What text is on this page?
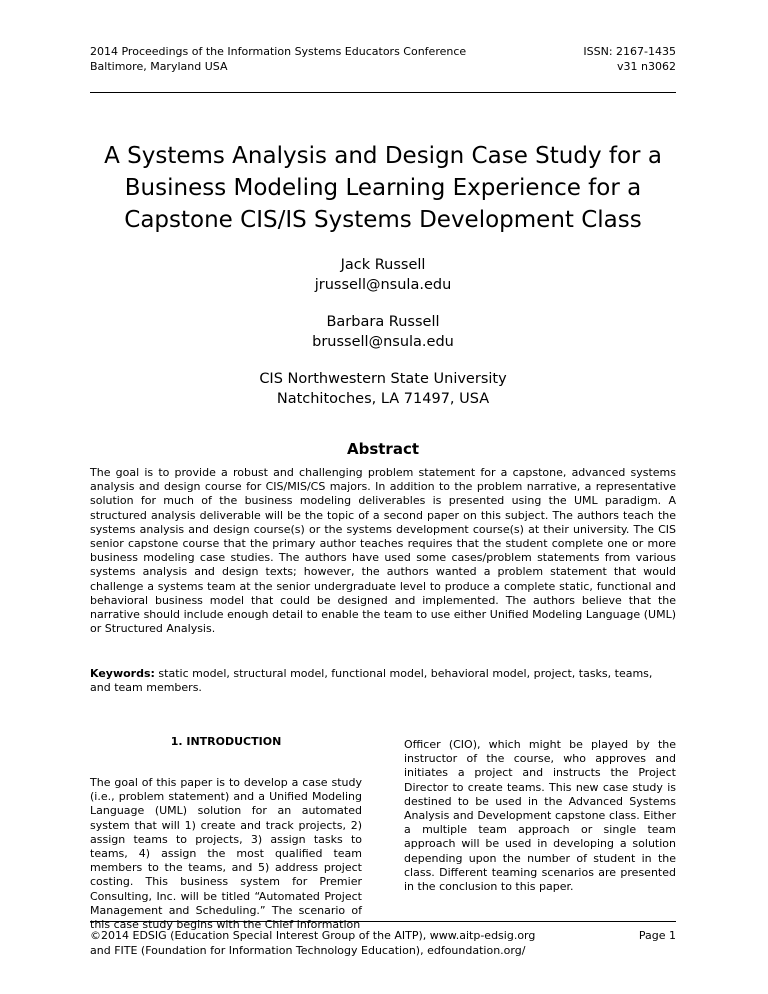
2014 Proceedings of the Information Systems Educators Conference
Baltimore, Maryland USA
ISSN: 2167-1435
v31 n3062
A Systems Analysis and Design Case Study for a
Business Modeling Learning Experience for a
Capstone CIS/IS Systems Development Class
Jack Russell
jrussell@nsula.edu
Barbara Russell
brussell@nsula.edu
CIS Northwestern State University
Natchitoches, LA 71497, USA
Abstract
The goal is to provide a robust and challenging problem statement for a capstone, advanced systems analysis and design course for CIS/MIS/CS majors. In addition to the problem narrative, a representative solution for much of the business modeling deliverables is presented using the UML paradigm. A structured analysis deliverable will be the topic of a second paper on this subject. The authors teach the systems analysis and design course(s) or the systems development course(s) at their university. The CIS senior capstone course that the primary author teaches requires that the student complete one or more business modeling case studies. The authors have used some cases/problem statements from various systems analysis and design texts; however, the authors wanted a problem statement that would challenge a systems team at the senior undergraduate level to produce a complete static, functional and behavioral business model that could be designed and implemented. The authors believe that the narrative should include enough detail to enable the team to use either Unified Modeling Language (UML) or Structured Analysis.
Keywords: static model, structural model, functional model, behavioral model, project, tasks, teams, and team members.
1. INTRODUCTION
The goal of this paper is to develop a case study (i.e., problem statement) and a Unified Modeling Language (UML) solution for an automated system that will 1) create and track projects, 2) assign teams to projects, 3) assign tasks to teams, 4) assign the most qualified team members to the teams, and 5) address project costing. This business system for Premier Consulting, Inc. will be titled “Automated Project Management and Scheduling.” The scenario of this case study begins with the Chief Information
Officer (CIO), which might be played by the instructor of the course, who approves and initiates a project and instructs the Project Director to create teams. This new case study is destined to be used in the Advanced Systems Analysis and Development capstone class. Either a multiple team approach or single team approach will be used in developing a solution depending upon the number of student in the class. Different teaming scenarios are presented in the conclusion to this paper.
©2014 EDSIG (Education Special Interest Group of the AITP), www.aitp-edsig.org
and FITE (Foundation for Information Technology Education), edfoundation.org/
Page 1
